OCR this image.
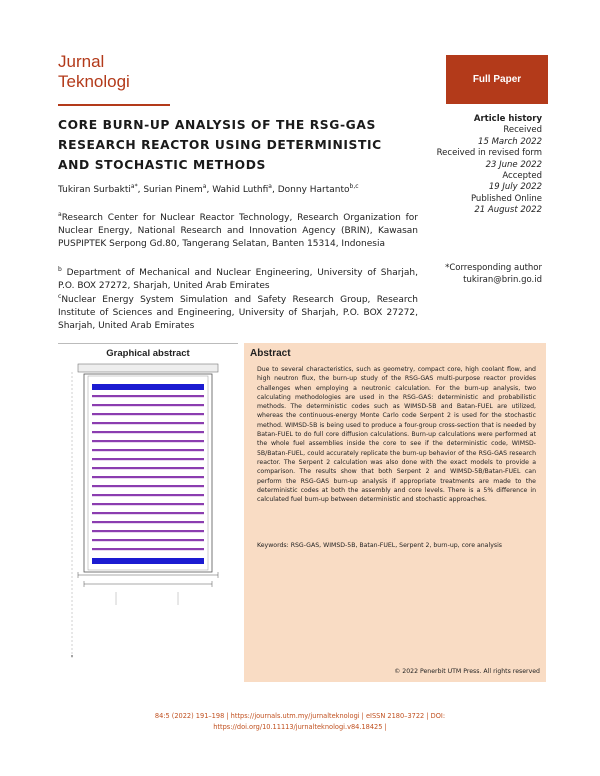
Jurnal
Teknologi	Full Paper
CORE BURN-UP ANALYSIS OF THE RSG-GAS RESEARCH REACTOR USING DETERMINISTIC AND STOCHASTIC METHODS
Tukiran Surbakti$^{a*}$, Surian Pinem$^a$, Wahid Luthfi$^a$, Donny Hartanto$^{b,c}$

$^a$Research Center for Nuclear Reactor Technology, Research Organization for Nuclear Energy, National Research and Innovation Agency (BRIN), Kawasan PUSPIPTEK Serpong Gd.80, Tangerang Selatan, Banten 15314, Indonesia

$^b$ Department of Mechanical and Nuclear Engineering, University of Sharjah, P.O. BOX 27272, Sharjah, United Arab Emirates

$^c$Nuclear Energy System Simulation and Safety Research Group, Research Institute of Sciences and Engineering, University of Sharjah, P.O. BOX 27272, Sharjah, United Arab Emirates

Article history
Received
15 March 2022
Received in revised form
23 June 2022
Accepted
19 July 2022
Published Online
21 August 2022
*Corresponding author
tukiran@brin.go.id
Graphical abstract	Abstract

Due to several characteristics, such as geometry, compact core, high coolant flow, and high neutron flux, the burn-up study of the RSG-GAS multi-purpose reactor provides challenges when employing a neutronic calculation. For the burn-up analysis, two calculating methodologies are used in the RSG-GAS: deterministic and probabilistic methods. The deterministic codes such as WIMSD-5B and Batan-FUEL are utilized, whereas the continuous-energy Monte Carlo code Serpent 2 is used for the stochastic method. WIMSD-5B is being used to produce a four-group cross-section that is needed by Batan-FUEL to do full core diffusion calculations. Burn-up calculations were performed at the whole fuel assemblies inside the core to see if the deterministic code, WIMSD-5B/Batan-FUEL, could accurately replicate the burn-up behavior of the RSG-GAS research reactor. The Serpent 2 calculation was also done with the exact models to provide a comparison. The results show that both Serpent 2 and WIMSD-5B/Batan-FUEL can perform the RSG-GAS burn-up analysis if appropriate treatments are made to the deterministic codes at both the assembly and core levels. There is a 5% difference in calculated fuel burn-up between deterministic and stochastic approaches.

Keywords: RSG-GAS, WIMSD-5B, Batan-FUEL, Serpent 2, burn-up, core analysis

© 2022 Penerbit UTM Press. All rights reserved
84:5 (2022) 191–198 | https://journals.utm.my/jurnalteknologi | eISSN 2180–3722 | DOI:
https://doi.org/10.11113/jurnalteknologi.v84.18425 |
